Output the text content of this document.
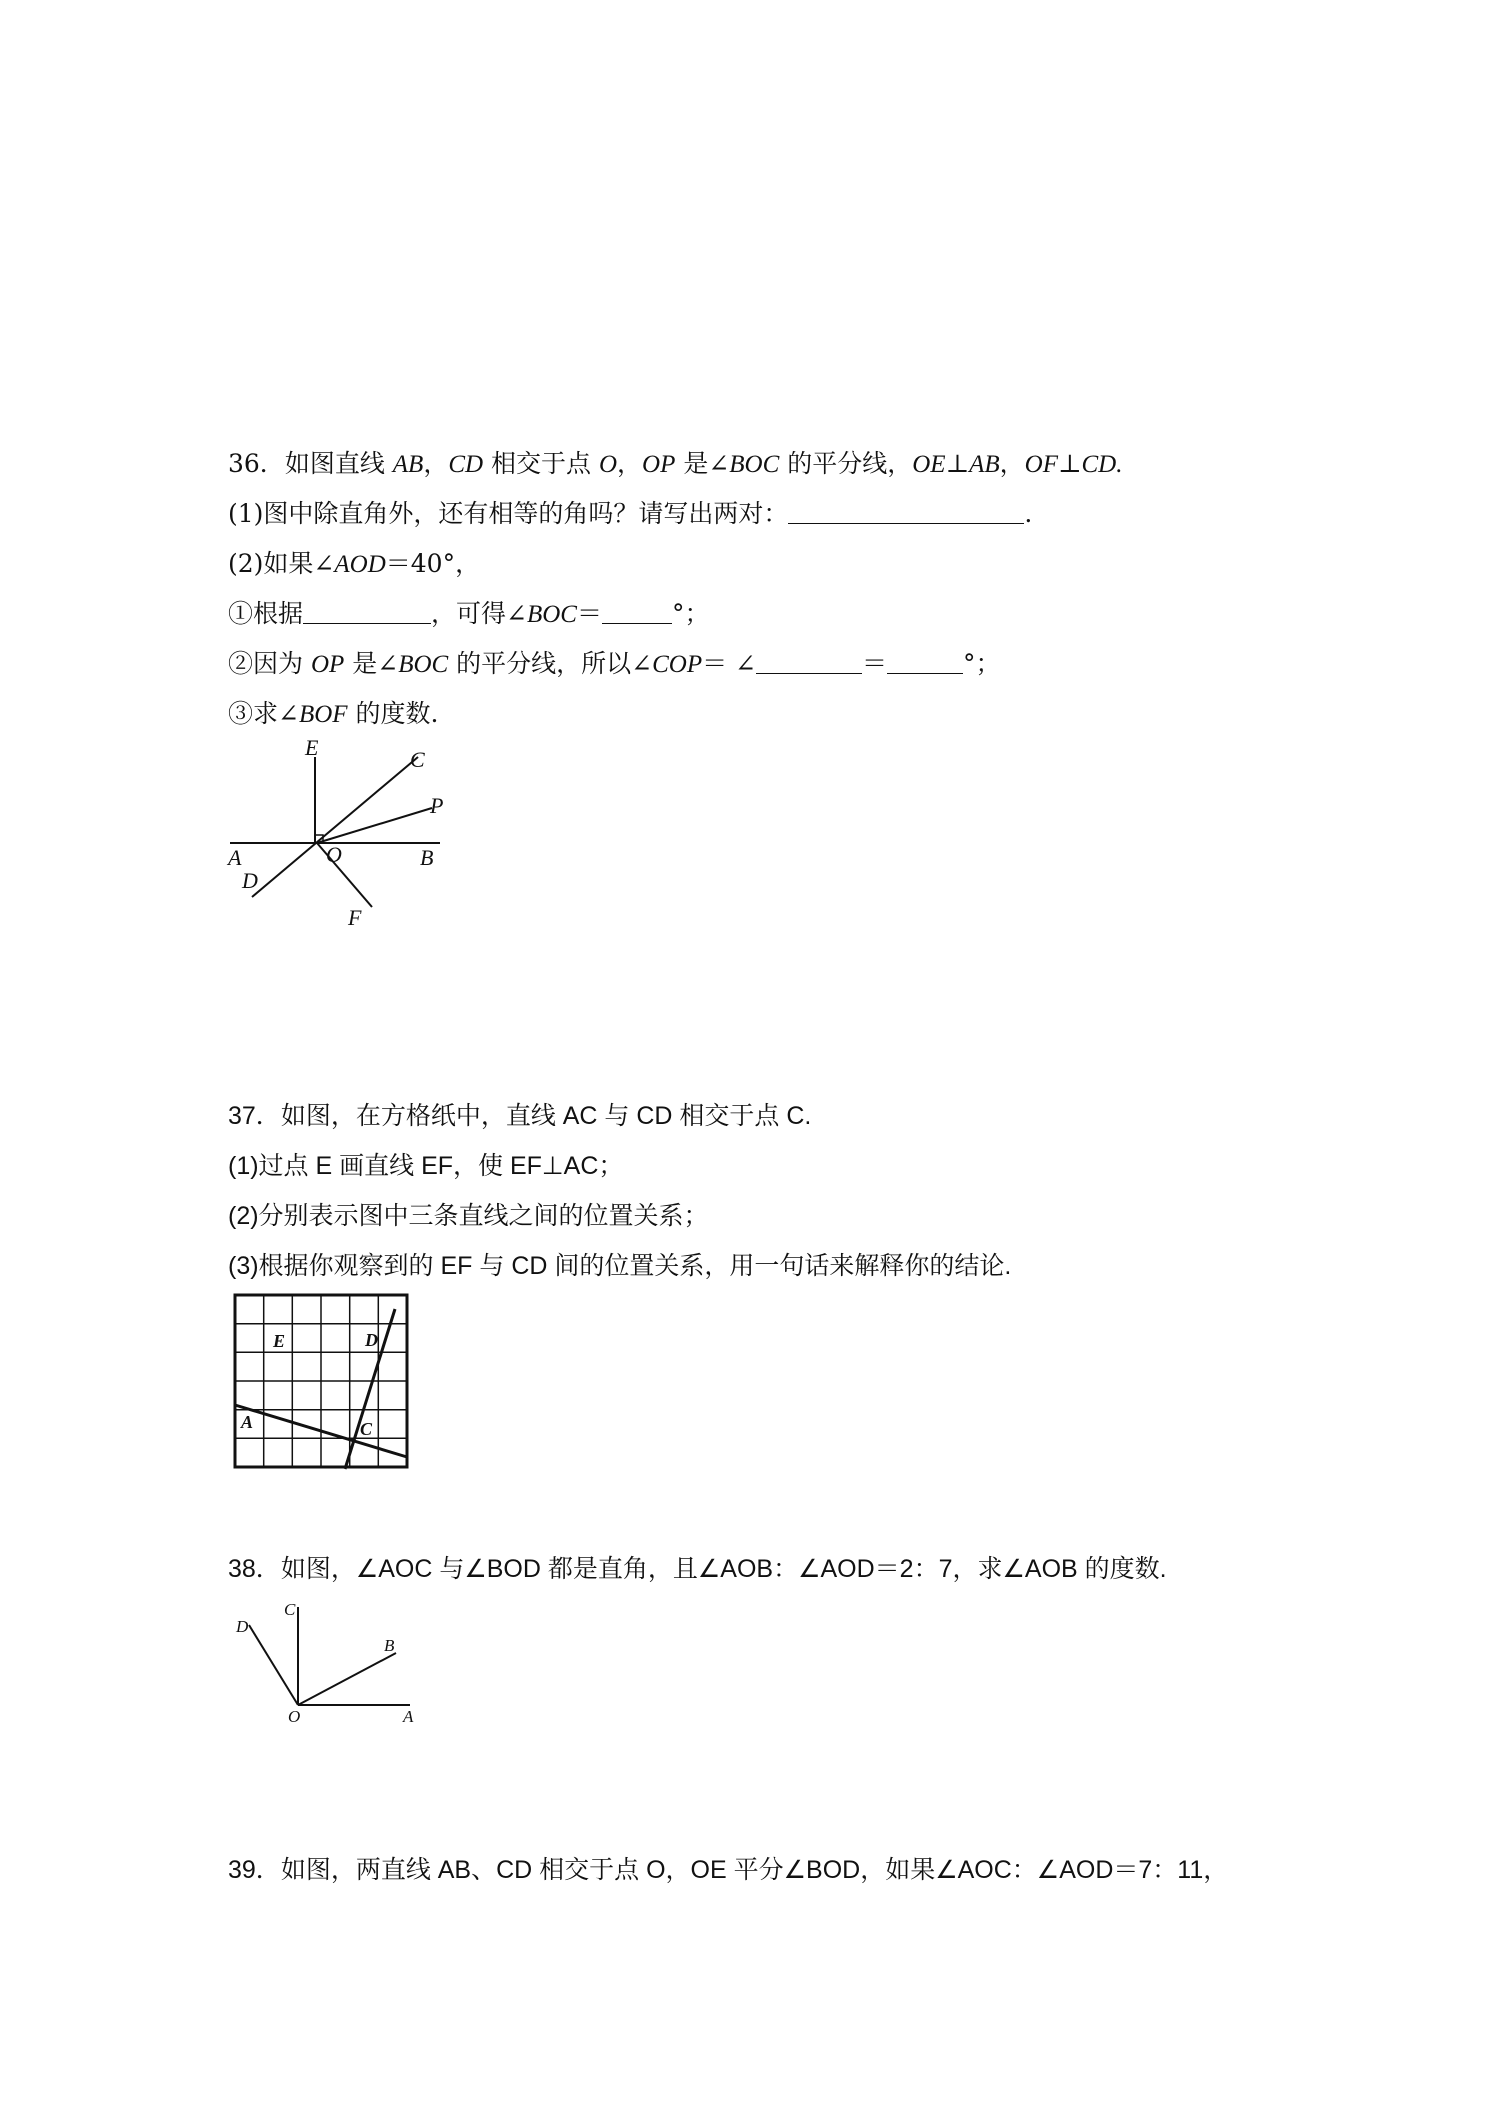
36．如图直线 AB，CD 相交于点 O，OP 是∠BOC 的平分线，OE⊥AB，OF⊥CD.
(1)图中除直角外，还有相等的角吗？请写出两对：	.
(2)如果∠AOD＝40°，
①根据	，可得∠BOC＝	°；
②因为 OP 是∠BOC 的平分线，所以∠COP＝ ∠	＝	°；
③求∠BOF 的度数.
E	C
P
A	O	B
D
F
37．如图，在方格纸中，直线 AC 与 CD 相交于点 C.
(1)过点 E 画直线 EF，使 EF⊥AC；
(2)分别表示图中三条直线之间的位置关系；
(3)根据你观察到的 EF 与 CD 间的位置关系，用一句话来解释你的结论.
E	D
A	C
38．如图，∠AOC 与∠BOD 都是直角，且∠AOB：∠AOD＝2：7，求∠AOB 的度数.
D
C
B
O	A
39．如图，两直线 AB、CD 相交于点 O，OE 平分∠BOD，如果∠AOC：∠AOD＝7：11，
